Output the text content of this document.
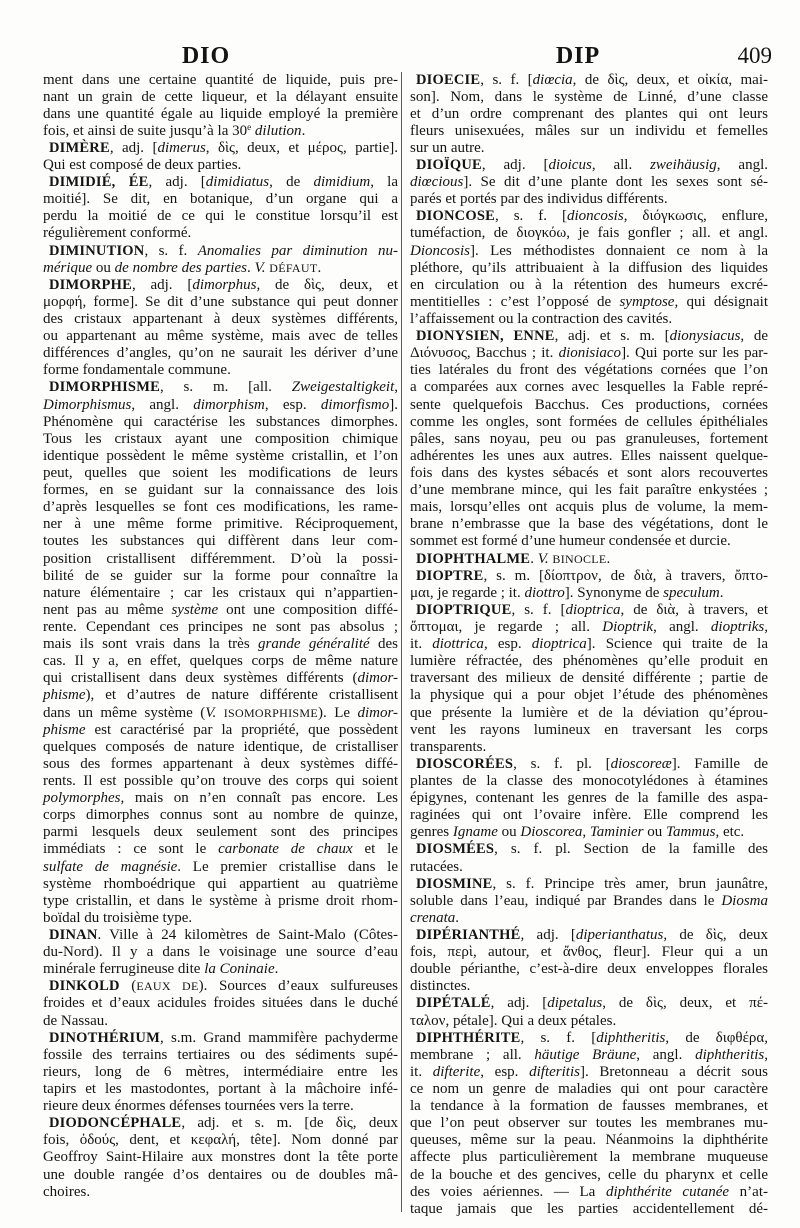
DIO	DIP	409
ment dans une certaine quantité de liquide, puis pre-
nant un grain de cette liqueur, et la délayant ensuite
dans une quantité égale au liquide employé la première
fois, et ainsi de suite jusqu’à la 30e dilution.
DIMÈRE, adj. [dimerus, δὶς, deux, et μέρος, partie].
Qui est composé de deux parties.
DIMIDIÉ, ÉE, adj. [dimidiatus, de dimidium, la
moitié]. Se dit, en botanique, d’un organe qui a
perdu la moitié de ce qui le constitue lorsqu’il est
régulièrement conformé.
DIMINUTION, s. f. Anomalies par diminution nu-
mérique ou de nombre des parties. V. DÉFAUT.
DIMORPHE, adj. [dimorphus, de δὶς, deux, et
μορφή, forme]. Se dit d’une substance qui peut donner
des cristaux appartenant à deux systèmes différents,
ou appartenant au même système, mais avec de telles
différences d’angles, qu’on ne saurait les dériver d’une
forme fondamentale commune.
DIMORPHISME, s. m. [all. Zweigestaltigkeit,
Dimorphismus, angl. dimorphism, esp. dimorfismo].
Phénomène qui caractérise les substances dimorphes.
Tous les cristaux ayant une composition chimique
identique possèdent le même système cristallin, et l’on
peut, quelles que soient les modifications de leurs
formes, en se guidant sur la connaissance des lois
d’après lesquelles se font ces modifications, les rame-
ner à une même forme primitive. Réciproquement,
toutes les substances qui diffèrent dans leur com-
position cristallisent différemment. D’où la possi-
bilité de se guider sur la forme pour connaître la
nature élémentaire ; car les cristaux qui n’appartien-
nent pas au même système ont une composition diffé-
rente. Cependant ces principes ne sont pas absolus ;
mais ils sont vrais dans la très grande généralité des
cas. Il y a, en effet, quelques corps de même nature
qui cristallisent dans deux systèmes différents (dimor-
phisme), et d’autres de nature différente cristallisent
dans un même système (V. ISOMORPHISME). Le dimor-
phisme est caractérisé par la propriété, que possèdent
quelques composés de nature identique, de cristalliser
sous des formes appartenant à deux systèmes diffé-
rents. Il est possible qu’on trouve des corps qui soient
polymorphes, mais on n’en connaît pas encore. Les
corps dimorphes connus sont au nombre de quinze,
parmi lesquels deux seulement sont des principes
immédiats : ce sont le carbonate de chaux et le
sulfate de magnésie. Le premier cristallise dans le
système rhomboédrique qui appartient au quatrième
type cristallin, et dans le système à prisme droit rhom-
boïdal du troisième type.
DINAN. Ville à 24 kilomètres de Saint-Malo (Côtes-
du-Nord). Il y a dans le voisinage une source d’eau
minérale ferrugineuse dite la Coninaie.
DINKOLD (EAUX DE). Sources d’eaux sulfureuses
froides et d’eaux acidules froides situées dans le duché
de Nassau.
DINOTHÉRIUM, s.m. Grand mammifère pachyderme
fossile des terrains tertiaires ou des sédiments supé-
rieurs, long de 6 mètres, intermédiaire entre les
tapirs et les mastodontes, portant à la mâchoire infé-
rieure deux énormes défenses tournées vers la terre.
DIODONCÉPHALE, adj. et s. m. [de δὶς, deux
fois, ὀδούς, dent, et κεφαλή, tête]. Nom donné par
Geoffroy Saint-Hilaire aux monstres dont la tête porte
une double rangée d’os dentaires ou de doubles mâ-
choires.
DIOECIE, s. f. [diœcia, de δὶς, deux, et οἰκία, mai-
son]. Nom, dans le système de Linné, d’une classe
et d’un ordre comprenant des plantes qui ont leurs
fleurs unisexuées, mâles sur un individu et femelles
sur un autre.
DIOÏQUE, adj. [dioicus, all. zweihäusig, angl.
diœcious]. Se dit d’une plante dont les sexes sont sé-
parés et portés par des individus différents.
DIONCOSE, s. f. [dioncosis, διόγκωσις, enflure,
tuméfaction, de διογκόω, je fais gonfler ; all. et angl.
Dioncosis]. Les méthodistes donnaient ce nom à la
pléthore, qu’ils attribuaient à la diffusion des liquides
en circulation ou à la rétention des humeurs excré-
mentitielles : c’est l’opposé de symptose, qui désignait
l’affaissement ou la contraction des cavités.
DIONYSIEN, ENNE, adj. et s. m. [dionysiacus, de
Διόνυσος, Bacchus ; it. dionisiaco]. Qui porte sur les par-
ties latérales du front des végétations cornées que l’on
a comparées aux cornes avec lesquelles la Fable repré-
sente quelquefois Bacchus. Ces productions, cornées
comme les ongles, sont formées de cellules épithéliales
pâles, sans noyau, peu ou pas granuleuses, fortement
adhérentes les unes aux autres. Elles naissent quelque-
fois dans des kystes sébacés et sont alors recouvertes
d’une membrane mince, qui les fait paraître enkystées ;
mais, lorsqu’elles ont acquis plus de volume, la mem-
brane n’embrasse que la base des végétations, dont le
sommet est formé d’une humeur condensée et durcie.
DIOPHTHALME. V. BINOCLE.
DIOPTRE, s. m. [δίοπτρον, de διὰ, à travers, ὄπτο-
μαι, je regarde ; it. diottro]. Synonyme de speculum.
DIOPTRIQUE, s. f. [dioptrica, de διὰ, à travers, et
ὄπτομαι, je regarde ; all. Dioptrik, angl. dioptriks,
it. diottrica, esp. dioptrica]. Science qui traite de la
lumière réfractée, des phénomènes qu’elle produit en
traversant des milieux de densité différente ; partie de
la physique qui a pour objet l’étude des phénomènes
que présente la lumière et de la déviation qu’éprou-
vent les rayons lumineux en traversant les corps
transparents.
DIOSCORÉES, s. f. pl. [dioscoreæ]. Famille de
plantes de la classe des monocotylédones à étamines
épigynes, contenant les genres de la famille des aspa-
raginées qui ont l’ovaire infère. Elle comprend les
genres Igname ou Dioscorea, Taminier ou Tammus, etc.
DIOSMÉES, s. f. pl. Section de la famille des
rutacées.
DIOSMINE, s. f. Principe très amer, brun jaunâtre,
soluble dans l’eau, indiqué par Brandes dans le Diosma
crenata.
DIPÉRIANTHÉ, adj. [diperianthatus, de δὶς, deux
fois, περὶ, autour, et ἄνθος, fleur]. Fleur qui a un
double périanthe, c’est-à-dire deux enveloppes florales
distinctes.
DIPÉTALÉ, adj. [dipetalus, de δὶς, deux, et πέ-
ταλον, pétale]. Qui a deux pétales.
DIPHTHÉRITE, s. f. [diphtheritis, de διφθέρα,
membrane ; all. häutige Bräune, angl. diphtheritis,
it. difterite, esp. difteritis]. Bretonneau a décrit sous
ce nom un genre de maladies qui ont pour caractère
la tendance à la formation de fausses membranes, et
que l’on peut observer sur toutes les membranes mu-
queuses, même sur la peau. Néanmoins la diphthérite
affecte plus particulièrement la membrane muqueuse
de la bouche et des gencives, celle du pharynx et celle
des voies aériennes. — La diphthérite cutanée n’at-
taque jamais que les parties accidentellement dé-
